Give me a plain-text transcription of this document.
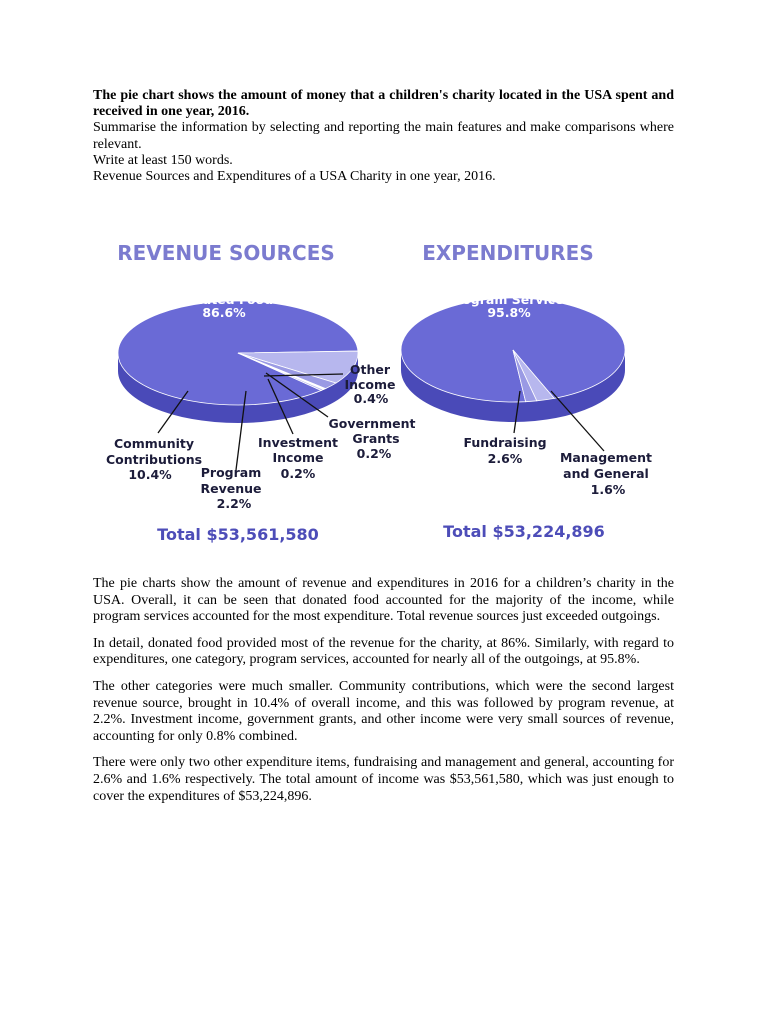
The pie chart shows the amount of money that a children's charity located in the USA spent and received in one year, 2016.

Summarise the information by selecting and reporting the main features and make comparisons where relevant.

Write at least 150 words.

Revenue Sources and Expenditures of a USA Charity in one year, 2016.

REVENUE SOURCES
Donated Food
86.6%
Community
Contributions
10.4% Program
Revenue
2.2%
Investment
Income
0.2%
Government
Grants
0.2%
Other
Income
0.4%
Total $53,561,580
EXPENDITURES
Program Services
95.8%
Fundraising
2.6%	Management
and General
1.6%
Total $53,224,896

The pie charts show the amount of revenue and expenditures in 2016 for a children’s charity in the USA. Overall, it can be seen that donated food accounted for the majority of the income, while program services accounted for the most expenditure. Total revenue sources just exceeded outgoings.

In detail, donated food provided most of the revenue for the charity, at 86%. Similarly, with regard to expenditures, one category, program services, accounted for nearly all of the outgoings, at 95.8%.

The other categories were much smaller. Community contributions, which were the second largest revenue source, brought in 10.4% of overall income, and this was followed by program revenue, at 2.2%. Investment income, government grants, and other income were very small sources of revenue, accounting for only 0.8% combined.

There were only two other expenditure items, fundraising and management and general, accounting for 2.6% and 1.6% respectively. The total amount of income was $53,561,580, which was just enough to cover the expenditures of $53,224,896.
